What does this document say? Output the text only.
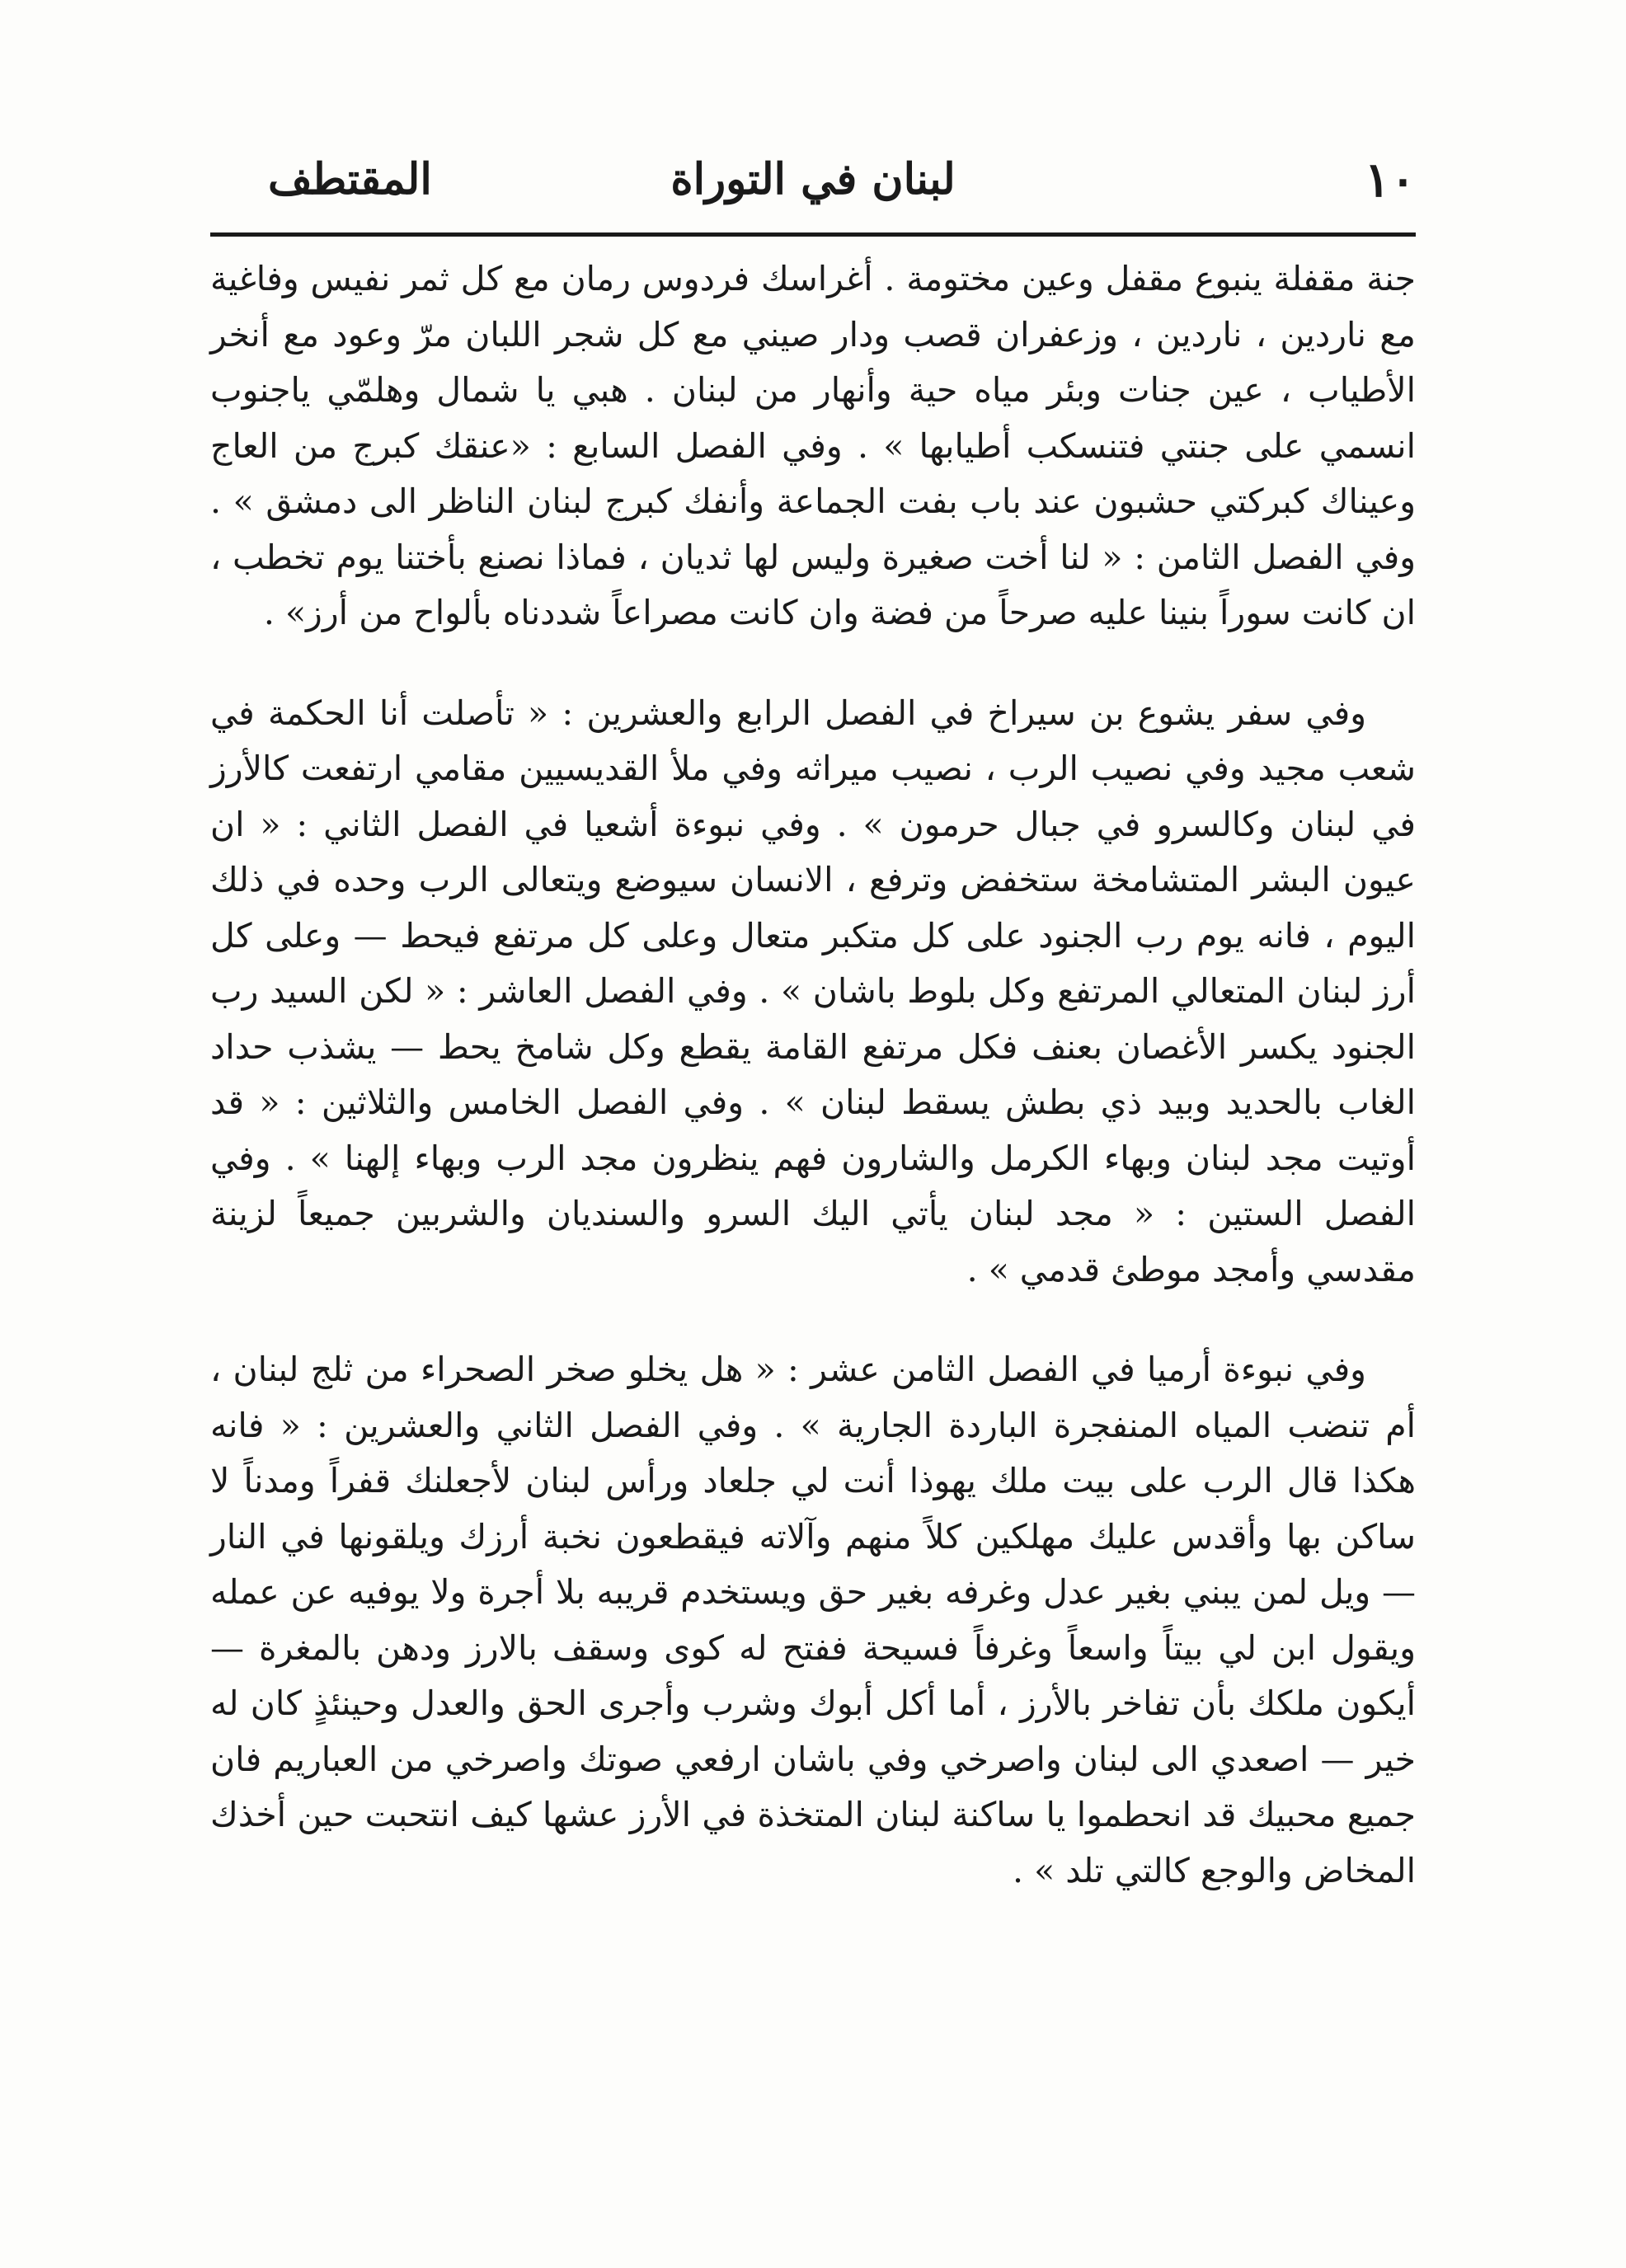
١٠
لبنان في التوراة
المقتطف

جنة مقفلة ينبوع مقفل وعين مختومة . أغراسك فردوس رمان مع كل ثمر نفيس وفاغية مع ناردين ، ناردين ، وزعفران قصب ودار صيني مع كل شجر اللبان مرّ وعود مع أنخر الأطياب ، عين جنات وبئر مياه حية وأنهار من لبنان . هبي يا شمال وهلمّي ياجنوب انسمي على جنتي فتنسكب أطيابها » . وفي الفصل السابع : «عنقك كبرج من العاج وعيناك كبركتي حشبون عند باب بفت الجماعة وأنفك كبرج لبنان الناظر الى دمشق » . وفي الفصل الثامن : « لنا أخت صغيرة وليس لها ثديان ، فماذا نصنع بأختنا يوم تخطب ، ان كانت سوراً بنينا عليه صرحاً من فضة وان كانت مصراعاً شددناه بألواح من أرز» .

وفي سفر يشوع بن سيراخ في الفصل الرابع والعشرين : « تأصلت أنا الحكمة في شعب مجيد وفي نصيب الرب ، نصيب ميراثه وفي ملأ القديسيين مقامي ارتفعت كالأرز في لبنان وكالسرو في جبال حرمون » . وفي نبوءة أشعيا في الفصل الثاني : « ان عيون البشر المتشامخة ستخفض وترفع ، الانسان سيوضع ويتعالى الرب وحده في ذلك اليوم ، فانه يوم رب الجنود على كل متكبر متعال وعلى كل مرتفع فيحط — وعلى كل أرز لبنان المتعالي المرتفع وكل بلوط باشان » . وفي الفصل العاشر : « لكن السيد رب الجنود يكسر الأغصان بعنف فكل مرتفع القامة يقطع وكل شامخ يحط — يشذب حداد الغاب بالحديد وبيد ذي بطش يسقط لبنان » . وفي الفصل الخامس والثلاثين : « قد أوتيت مجد لبنان وبهاء الكرمل والشارون فهم ينظرون مجد الرب وبهاء إلهنا » . وفي الفصل الستين : « مجد لبنان يأتي اليك السرو والسنديان والشربين جميعاً لزينة مقدسي وأمجد موطئ قدمي » .

وفي نبوءة أرميا في الفصل الثامن عشر : « هل يخلو صخر الصحراء من ثلج لبنان ، أم تنضب المياه المنفجرة الباردة الجارية » . وفي الفصل الثاني والعشرين : « فانه هكذا قال الرب على بيت ملك يهوذا أنت لي جلعاد ورأس لبنان لأجعلنك قفراً ومدناً لا ساكن بها وأقدس عليك مهلكين كلاً منهم وآلاته فيقطعون نخبة أرزك ويلقونها في النار — ويل لمن يبني بغير عدل وغرفه بغير حق ويستخدم قريبه بلا أجرة ولا يوفيه عن عمله ويقول ابن لي بيتاً واسعاً وغرفاً فسيحة ففتح له كوى وسقف بالارز ودهن بالمغرة — أيكون ملكك بأن تفاخر بالأرز ، أما أكل أبوك وشرب وأجرى الحق والعدل وحينئذٍ كان له خير — اصعدي الى لبنان واصرخي وفي باشان ارفعي صوتك واصرخي من العباريم فان جميع محبيك قد انحطموا يا ساكنة لبنان المتخذة في الأرز عشها كيف انتحبت حين أخذك المخاض والوجع كالتي تلد » .
